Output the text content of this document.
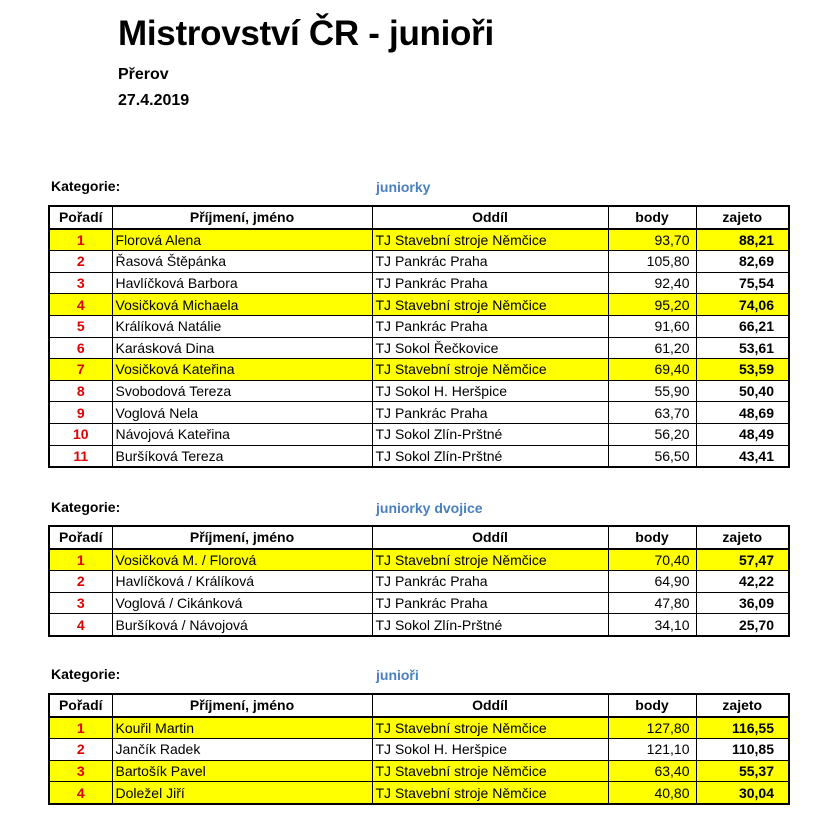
Mistrovství ČR - junioři
Přerov
27.4.2019
Kategorie:	juniorky
Pořadí	Příjmení, jméno	Oddíl	body	zajeto
1	Florová Alena	TJ Stavební stroje Němčice	93,70	88,21
2	Řasová Štěpánka	TJ Pankrác Praha	105,80	82,69
3	Havlíčková Barbora	TJ Pankrác Praha	92,40	75,54
4	Vosičková Michaela	TJ Stavební stroje Němčice	95,20	74,06
5	Králíková Natálie	TJ Pankrác Praha	91,60	66,21
6	Karásková Dina	TJ Sokol Řečkovice	61,20	53,61
7	Vosičková Kateřina	TJ Stavební stroje Němčice	69,40	53,59
8	Svobodová Tereza	TJ Sokol H. Heršpice	55,90	50,40
9	Voglová Nela	TJ Pankrác Praha	63,70	48,69
10	Návojová Kateřina	TJ Sokol Zlín-Prštné	56,20	48,49
11	Buršíková Tereza	TJ Sokol Zlín-Prštné	56,50	43,41
Kategorie:	juniorky dvojice
Pořadí	Příjmení, jméno	Oddíl	body	zajeto
1	Vosičková M. / Florová	TJ Stavební stroje Němčice	70,40	57,47
2	Havlíčková / Králíková	TJ Pankrác Praha	64,90	42,22
3	Voglová / Cikánková	TJ Pankrác Praha	47,80	36,09
4	Buršíková / Návojová	TJ Sokol Zlín-Prštné	34,10	25,70
Kategorie:	junioři
Pořadí	Příjmení, jméno	Oddíl	body	zajeto
1	Kouřil Martin	TJ Stavební stroje Němčice	127,80	116,55
2	Jančík Radek	TJ Sokol H. Heršpice	121,10	110,85
3	Bartošík Pavel	TJ Stavební stroje Němčice	63,40	55,37
4	Doležel Jiří	TJ Stavební stroje Němčice	40,80	30,04
